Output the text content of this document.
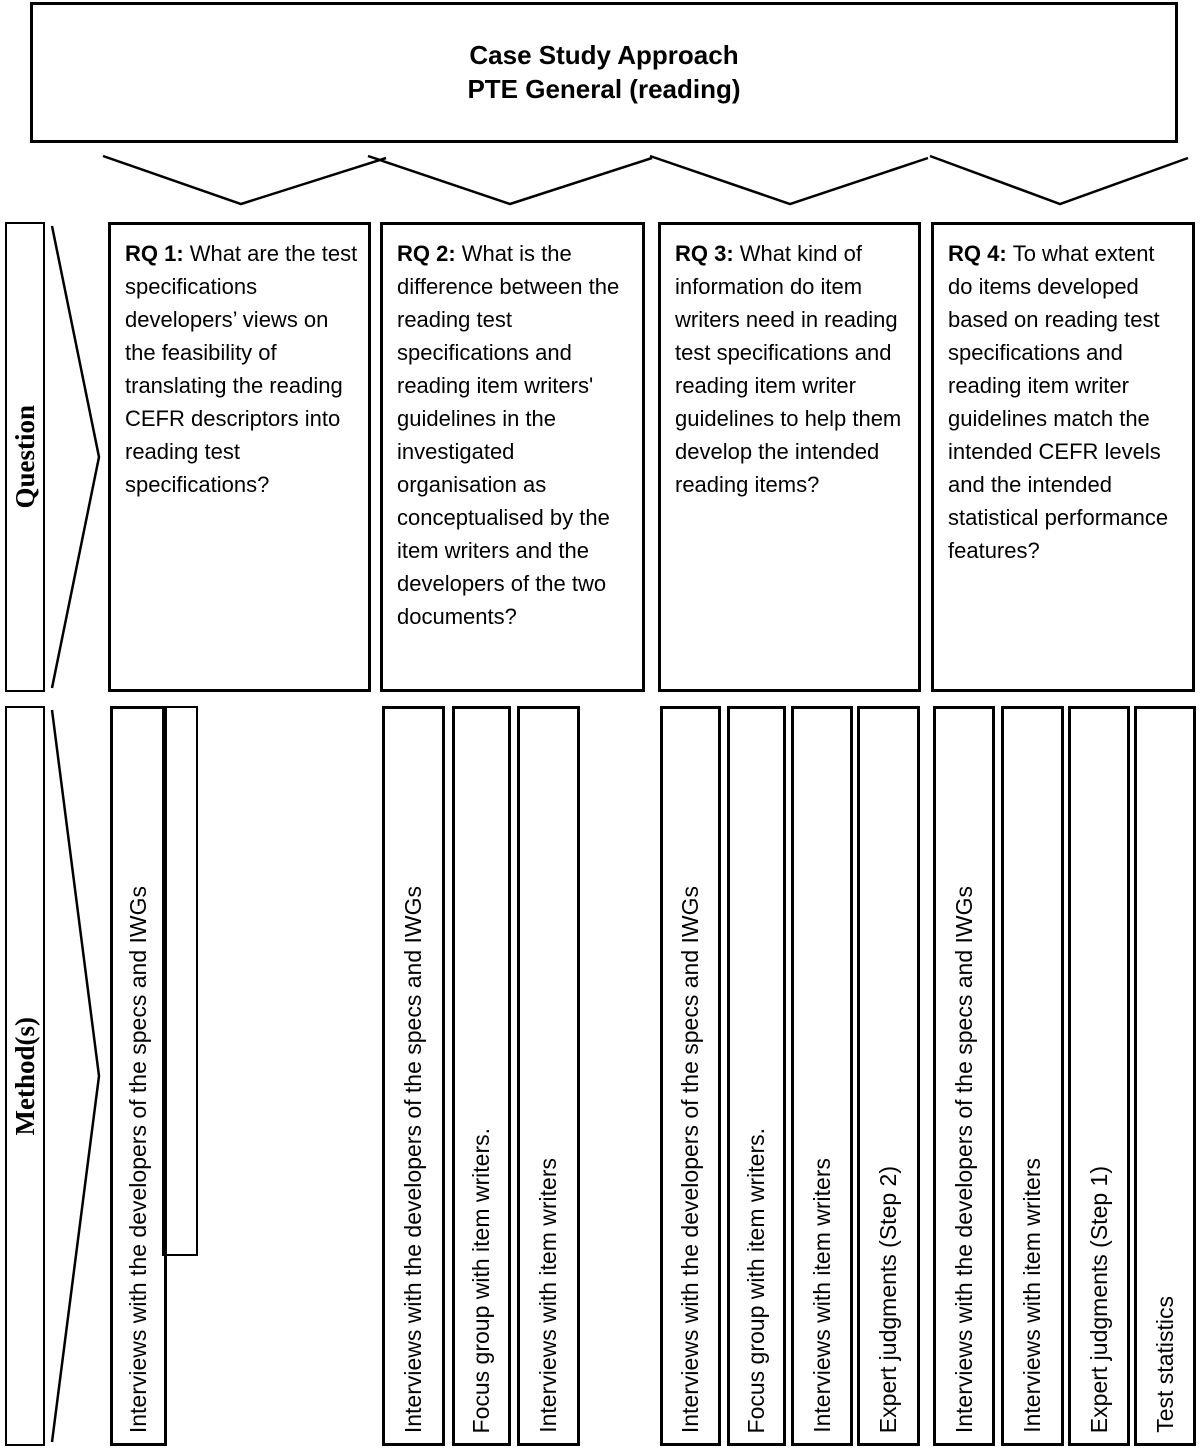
Case Study Approach
PTE General (reading)
Question
Method(s)
RQ 1: What are the test specifications developers’ views on the feasibility of translating the reading CEFR descriptors into reading test specifications?
RQ 2: What is the difference between the reading test specifications and reading item writers' guidelines in the investigated organisation as conceptualised by the item writers and the developers of the two documents?
RQ 3: What kind of information do item writers need in reading test specifications and reading item writer guidelines to help them develop the intended reading items?
RQ 4: To what extent do items developed based on reading test specifications and reading item writer guidelines match the intended CEFR levels and the intended statistical performance features?
Interviews with the developers of the specs and IWGs	Interviews with the developers of the specs and IWGs Focus group with item writers. Interviews with item writers	Interviews with the developers of the specs and IWGs Focus group with item writers. Interviews with item writers Expert judgments (Step 2) Interviews with the developers of the specs and IWGs Interviews with item writers Expert judgments (Step 1) Test statistics
